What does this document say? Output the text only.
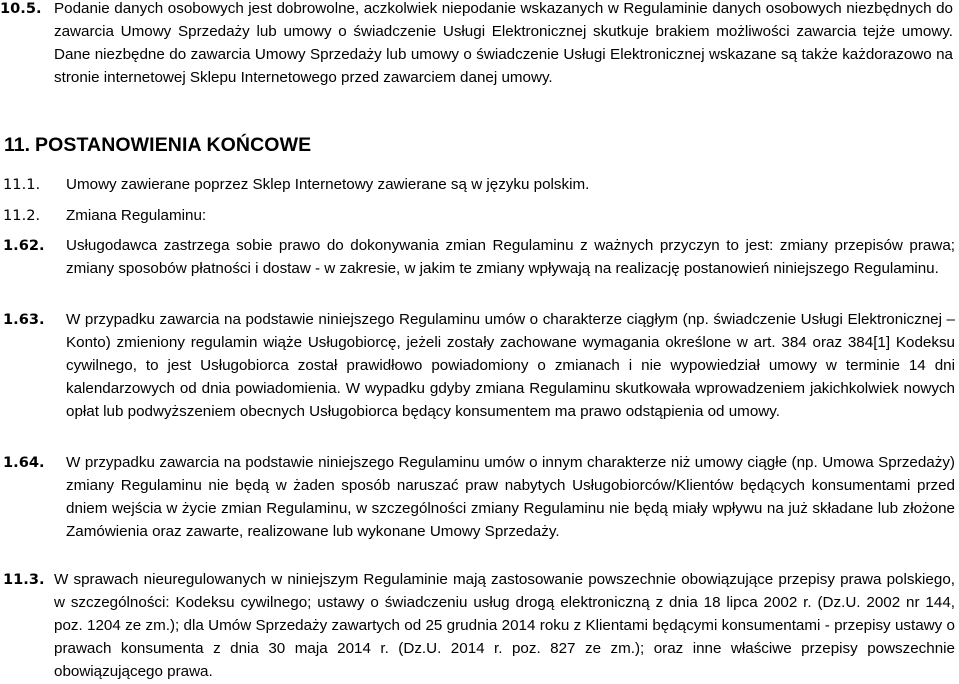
10.5. Podanie danych osobowych jest dobrowolne, aczkolwiek niepodanie wskazanych w Regulaminie danych osobowych niezbędnych do zawarcia Umowy Sprzedaży lub umowy o świadczenie Usługi Elektronicznej skutkuje brakiem możliwości zawarcia tejże umowy. Dane niezbędne do zawarcia Umowy Sprzedaży lub umowy o świadczenie Usługi Elektronicznej wskazane są także każdorazowo na stronie internetowej Sklepu Internetowego przed zawarciem danej umowy.
11. POSTANOWIENIA KOŃCOWE
11.1. Umowy zawierane poprzez Sklep Internetowy zawierane są w języku polskim.
11.2. Zmiana Regulaminu:
1.62. Usługodawca zastrzega sobie prawo do dokonywania zmian Regulaminu z ważnych przyczyn to jest: zmiany przepisów prawa; zmiany sposobów płatności i dostaw - w zakresie, w jakim te zmiany wpływają na realizację postanowień niniejszego Regulaminu.
1.63. W przypadku zawarcia na podstawie niniejszego Regulaminu umów o charakterze ciągłym (np. świadczenie Usługi Elektronicznej – Konto) zmieniony regulamin wiąże Usługobiorcę, jeżeli zostały zachowane wymagania określone w art. 384 oraz 384[1] Kodeksu cywilnego, to jest Usługobiorca został prawidłowo powiadomiony o zmianach i nie wypowiedział umowy w terminie 14 dni kalendarzowych od dnia powiadomienia. W wypadku gdyby zmiana Regulaminu skutkowała wprowadzeniem jakichkolwiek nowych opłat lub podwyższeniem obecnych Usługobiorca będący konsumentem ma prawo odstąpienia od umowy.
1.64. W przypadku zawarcia na podstawie niniejszego Regulaminu umów o innym charakterze niż umowy ciągłe (np. Umowa Sprzedaży) zmiany Regulaminu nie będą w żaden sposób naruszać praw nabytych Usługobiorców/Klientów będących konsumentami przed dniem wejścia w życie zmian Regulaminu, w szczególności zmiany Regulaminu nie będą miały wpływu na już składane lub złożone Zamówienia oraz zawarte, realizowane lub wykonane Umowy Sprzedaży.
11.3. W sprawach nieuregulowanych w niniejszym Regulaminie mają zastosowanie powszechnie obowiązujące przepisy prawa polskiego, w szczególności: Kodeksu cywilnego; ustawy o świadczeniu usług drogą elektroniczną z dnia 18 lipca 2002 r. (Dz.U. 2002 nr 144, poz. 1204 ze zm.); dla Umów Sprzedaży zawartych od 25 grudnia 2014 roku z Klientami będącymi konsumentami - przepisy ustawy o prawach konsumenta z dnia 30 maja 2014 r. (Dz.U. 2014 r. poz. 827 ze zm.); oraz inne właściwe przepisy powszechnie obowiązującego prawa.
